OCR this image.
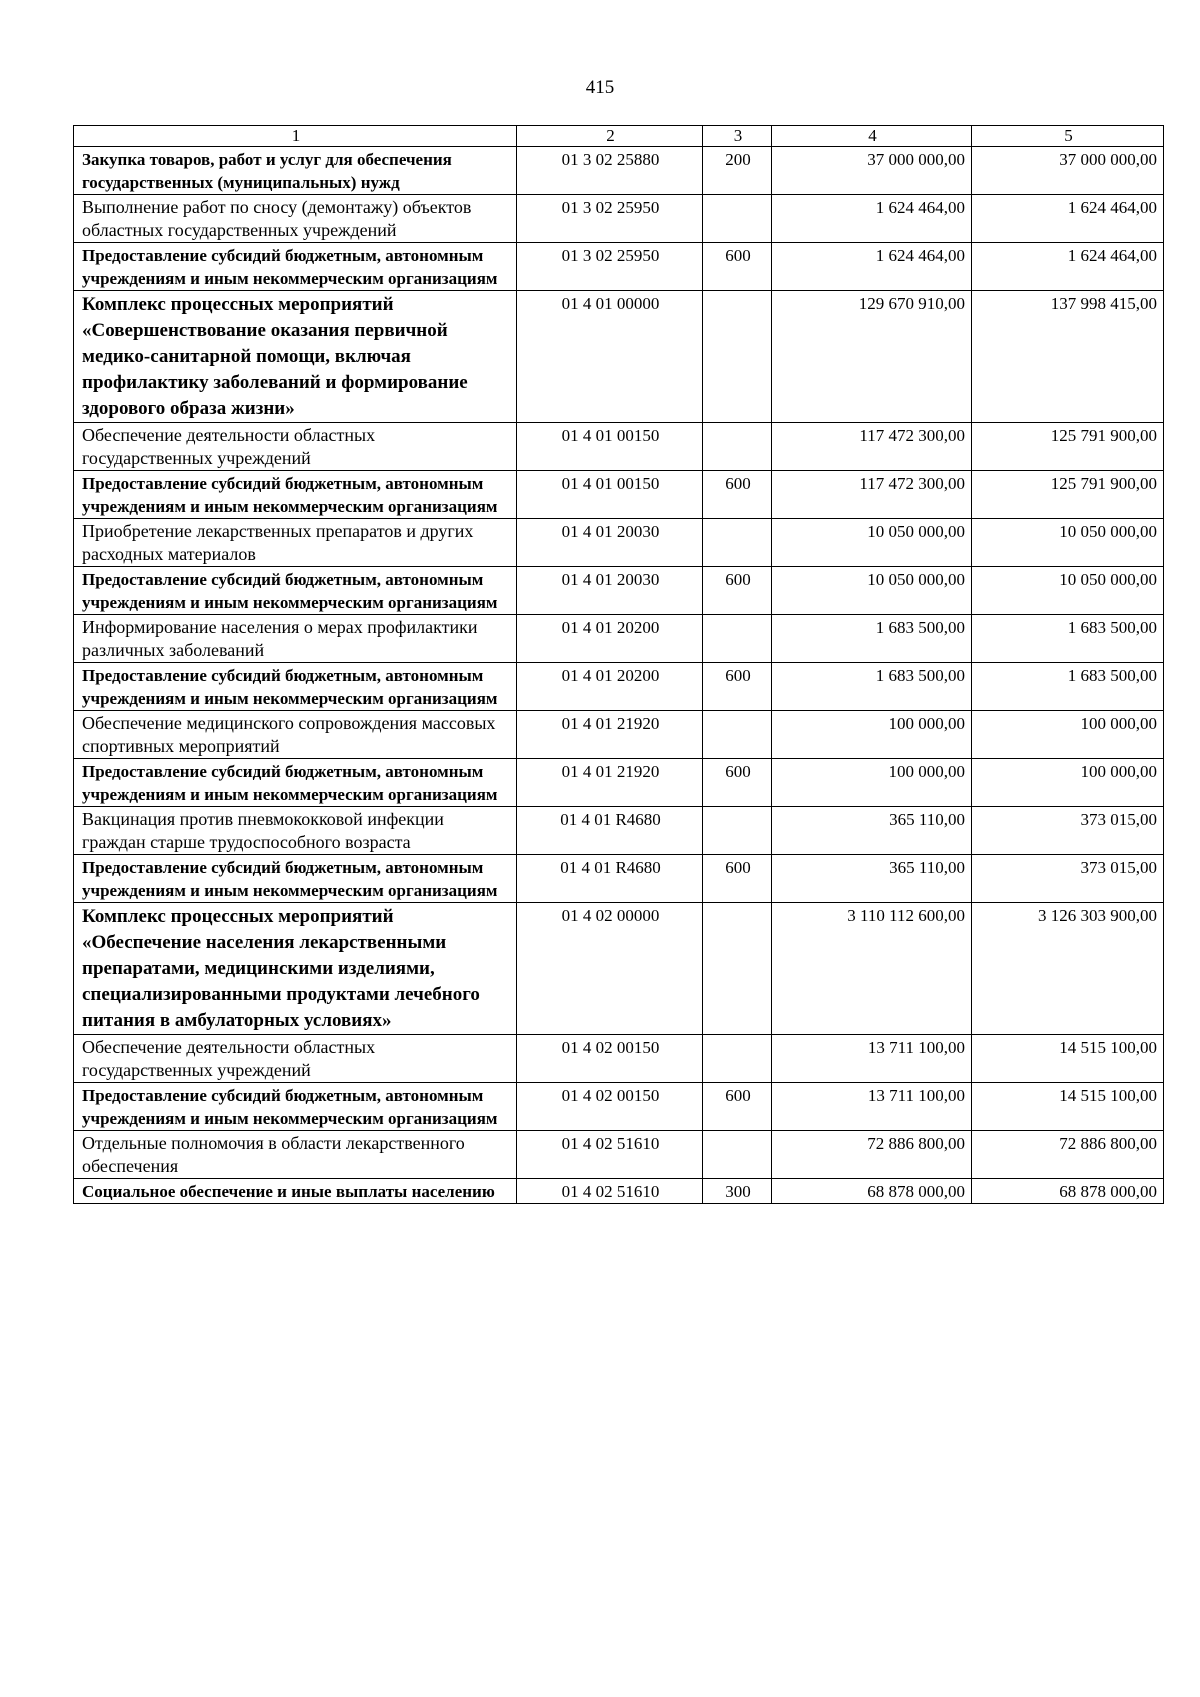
415
1	2	3	4	5
Закупка товаров, работ и услуг для обеспечения государственных (муниципальных) нужд	01 3 02 25880	200	37 000 000,00	37 000 000,00
Выполнение работ по сносу (демонтажу) объектов областных государственных учреждений	01 3 02 25950		1 624 464,00	1 624 464,00
Предоставление субсидий бюджетным, автономным учреждениям и иным некоммерческим организациям	01 3 02 25950	600	1 624 464,00	1 624 464,00
Комплекс процессных мероприятий «Совершенствование оказания первичной медико-санитарной помощи, включая профилактику заболеваний и формирование здорового образа жизни»	01 4 01 00000		129 670 910,00	137 998 415,00
Обеспечение деятельности областных государственных учреждений	01 4 01 00150		117 472 300,00	125 791 900,00
Предоставление субсидий бюджетным, автономным учреждениям и иным некоммерческим организациям	01 4 01 00150	600	117 472 300,00	125 791 900,00
Приобретение лекарственных препаратов и других расходных материалов	01 4 01 20030		10 050 000,00	10 050 000,00
Предоставление субсидий бюджетным, автономным учреждениям и иным некоммерческим организациям	01 4 01 20030	600	10 050 000,00	10 050 000,00
Информирование населения о мерах профилактики различных заболеваний	01 4 01 20200		1 683 500,00	1 683 500,00
Предоставление субсидий бюджетным, автономным учреждениям и иным некоммерческим организациям	01 4 01 20200	600	1 683 500,00	1 683 500,00
Обеспечение медицинского сопровождения массовых спортивных мероприятий	01 4 01 21920		100 000,00	100 000,00
Предоставление субсидий бюджетным, автономным учреждениям и иным некоммерческим организациям	01 4 01 21920	600	100 000,00	100 000,00
Вакцинация против пневмококковой инфекции граждан старше трудоспособного возраста	01 4 01 R4680		365 110,00	373 015,00
Предоставление субсидий бюджетным, автономным учреждениям и иным некоммерческим организациям	01 4 01 R4680	600	365 110,00	373 015,00
Комплекс процессных мероприятий «Обеспечение населения лекарственными препаратами, медицинскими изделиями, специализированными продуктами лечебного питания в амбулаторных условиях»	01 4 02 00000		3 110 112 600,00	3 126 303 900,00
Обеспечение деятельности областных государственных учреждений	01 4 02 00150		13 711 100,00	14 515 100,00
Предоставление субсидий бюджетным, автономным учреждениям и иным некоммерческим организациям	01 4 02 00150	600	13 711 100,00	14 515 100,00
Отдельные полномочия в области лекарственного обеспечения	01 4 02 51610		72 886 800,00	72 886 800,00
Социальное обеспечение и иные выплаты населению	01 4 02 51610	300	68 878 000,00	68 878 000,00
